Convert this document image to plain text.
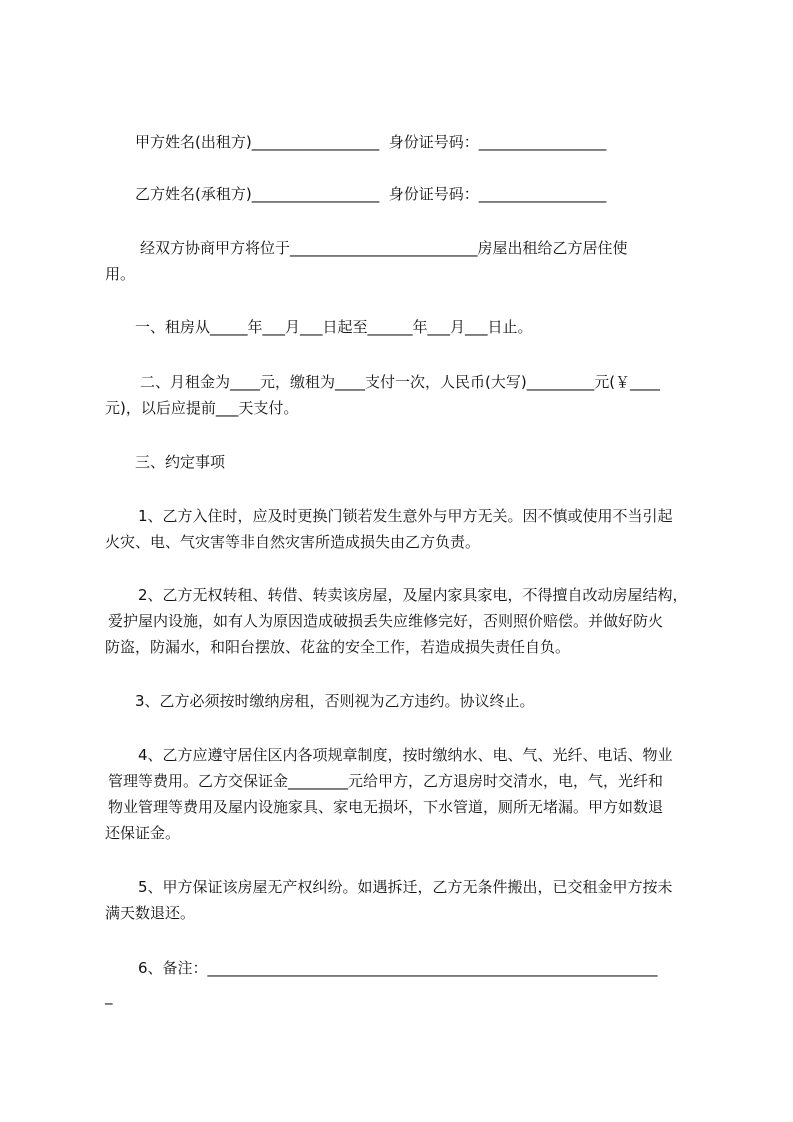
甲方姓名(出租方)_________________  身份证号码：_________________
乙方姓名(承租方)_________________  身份证号码：_________________
经双方协商甲方将位于_________________________房屋出租给乙方居住使
用。
一、租房从_____年___月___日起至______年___月___日止。
二、月租金为____元，缴租为____支付一次，人民币(大写)_________元(￥____
元)，以后应提前___天支付。
三、约定事项
1、乙方入住时，应及时更换门锁若发生意外与甲方无关。因不慎或使用不当引起
火灾、电、气灾害等非自然灾害所造成损失由乙方负责。
2、乙方无权转租、转借、转卖该房屋，及屋内家具家电，不得擅自改动房屋结构，
爱护屋内设施，如有人为原因造成破损丢失应维修完好，否则照价赔偿。并做好防火
防盗，防漏水，和阳台摆放、花盆的安全工作，若造成损失责任自负。
3、乙方必须按时缴纳房租，否则视为乙方违约。协议终止。
4、乙方应遵守居住区内各项规章制度，按时缴纳水、电、气、光纤、电话、物业
管理等费用。乙方交保证金________元给甲方，乙方退房时交清水，电，气，光纤和
物业管理等费用及屋内设施家具、家电无损坏，下水管道，厕所无堵漏。甲方如数退
还保证金。
5、甲方保证该房屋无产权纠纷。如遇拆迁，乙方无条件搬出，已交租金甲方按未
满天数退还。
6、备注：____________________________________________________________
_
